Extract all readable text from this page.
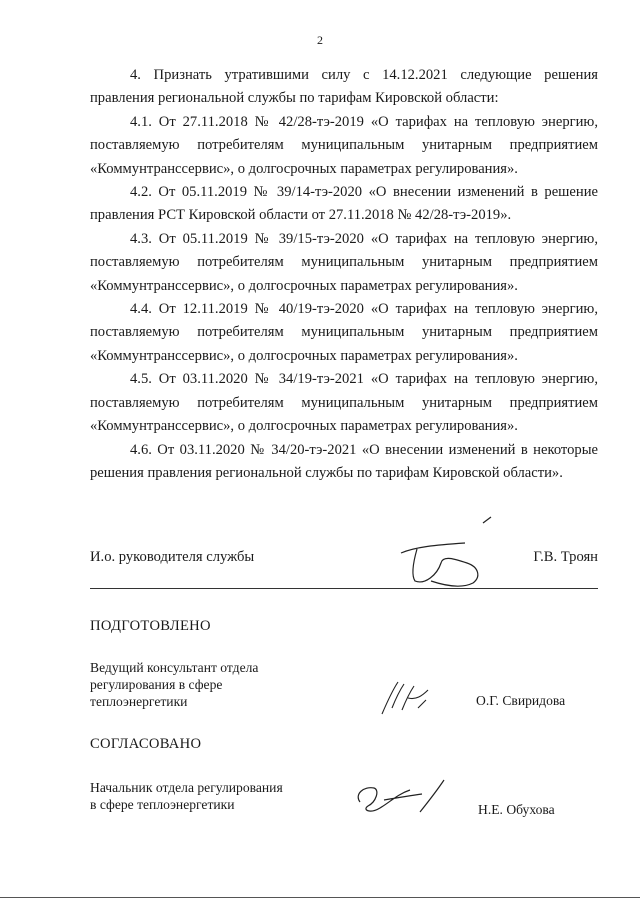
2

4. Признать утратившими силу с 14.12.2021 следующие решения правления региональной службы по тарифам Кировской области:

4.1. От 27.11.2018 № 42/28-тэ-2019 «О тарифах на тепловую энергию, поставляемую потребителям муниципальным унитарным предприятием «Коммунтранссервис», о долгосрочных параметрах регулирования».

4.2. От 05.11.2019 № 39/14-тэ-2020 «О внесении изменений в решение правления РСТ Кировской области от 27.11.2018 № 42/28-тэ-2019».

4.3. От 05.11.2019 № 39/15-тэ-2020 «О тарифах на тепловую энергию, поставляемую потребителям муниципальным унитарным предприятием «Коммунтранссервис», о долгосрочных параметрах регулирования».

4.4. От 12.11.2019 № 40/19-тэ-2020 «О тарифах на тепловую энергию, поставляемую потребителям муниципальным унитарным предприятием «Коммунтранссервис», о долгосрочных параметрах регулирования».

4.5. От 03.11.2020 № 34/19-тэ-2021 «О тарифах на тепловую энергию, поставляемую потребителям муниципальным унитарным предприятием «Коммунтранссервис», о долгосрочных параметрах регулирования».

4.6. От 03.11.2020 № 34/20-тэ-2021 «О внесении изменений в некоторые решения правления региональной службы по тарифам Кировской области».

И.о. руководителя службы	Г.В. Троян
ПОДГОТОВЛЕНО
Ведущий консультант отдела
регулирования в сфере
теплоэнергетики	О.Г. Свиридова
СОГЛАСОВАНО
Начальник отдела регулирования
в сфере теплоэнергетики	Н.Е. Обухова
